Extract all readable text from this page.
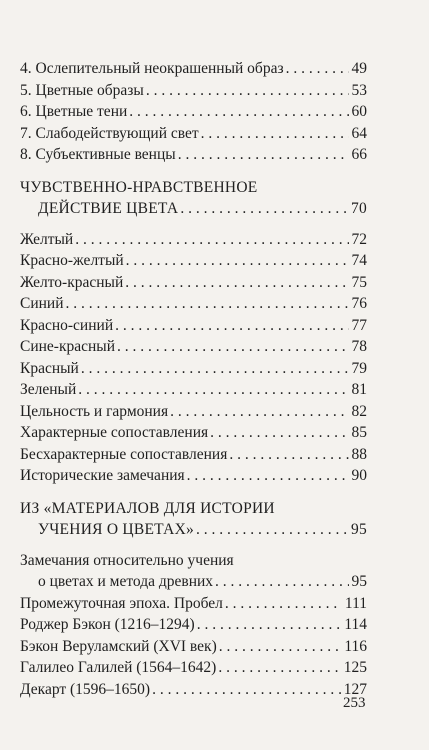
4. Ослепительный неокрашенный образ . . .	49
5. Цветные образы . . .	53
6. Цветные тени . . .	60
7. Слабодействующий свет . . .	64
8. Субъективные венцы . . .	66
ЧУВСТВЕННО-НРАВСТВЕННОЕ
ДЕЙСТВИЕ ЦВЕТА . . .	70
Желтый . . .	72
Красно-желтый . . .	74
Желто-красный . . .	75
Синий . . .	76
Красно-синий . . .	77
Сине-красный . . .	78
Красный . . .	79
Зеленый . . .	81
Цельность и гармония . . .	82
Характерные сопоставления . . .	85
Бесхарактерные сопоставления . . .	88
Исторические замечания . . .	90
ИЗ «МАТЕРИАЛОВ ДЛЯ ИСТОРИИ
УЧЕНИЯ О ЦВЕТАХ» . . .	95
Замечания относительно учения
о цветах и метода древних . . .	95
Промежуточная эпоха. Пробел . . .	111
Роджер Бэкон (1216–1294) . . .	114
Бэкон Веруламский (XVI век) . . .	116
Галилео Галилей (1564–1642) . . .	125
Декарт (1596–1650) . . .	127
253
